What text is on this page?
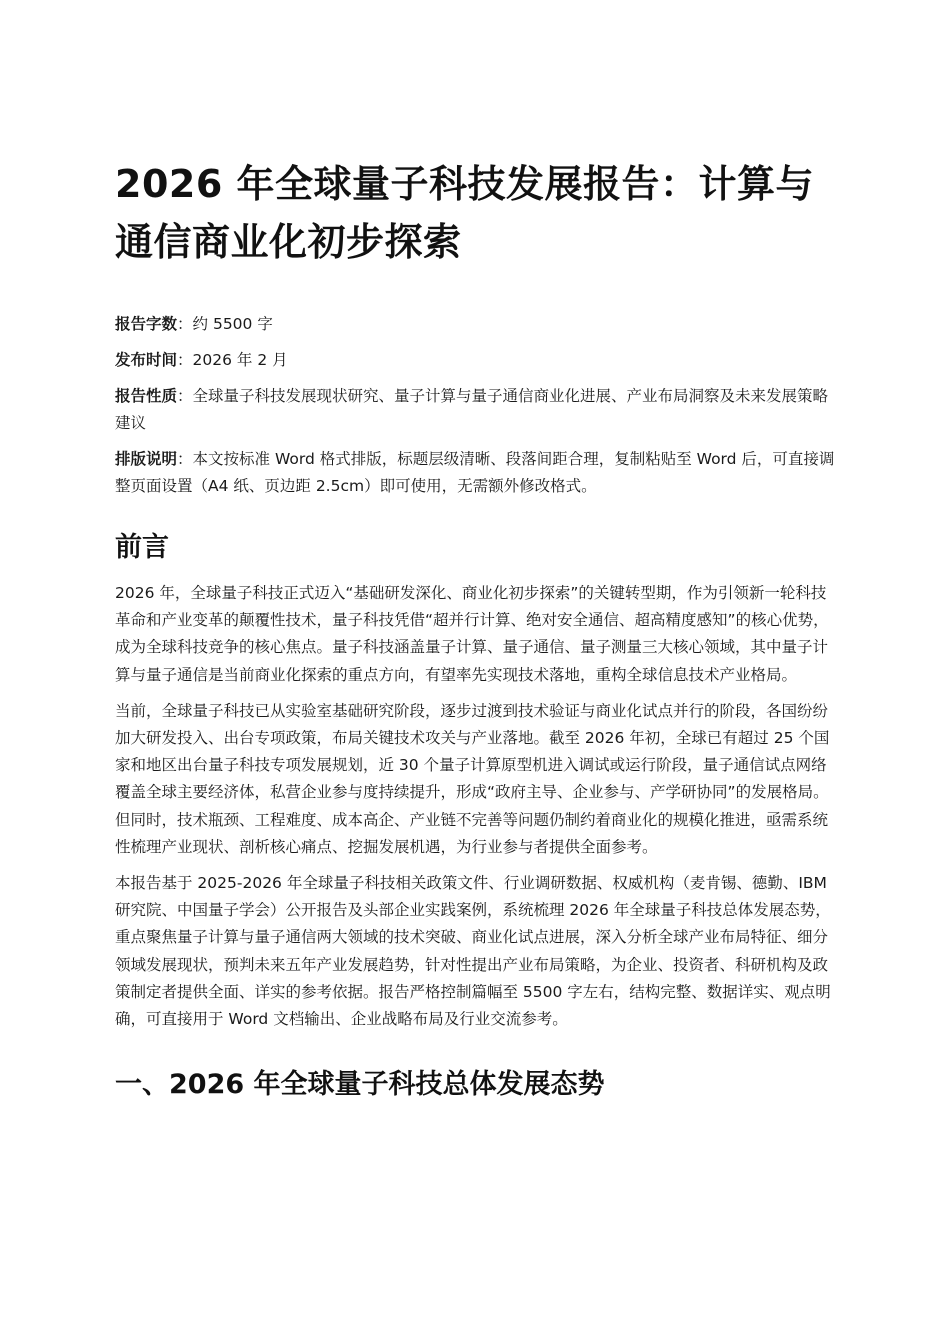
2026 年全球量子科技发展报告：计算与通信商业化初步探索
报告字数：约 5500 字
发布时间：2026 年 2 月
报告性质：全球量子科技发展现状研究、量子计算与量子通信商业化进展、产业布局洞察及未来发展策略建议
排版说明：本文按标准 Word 格式排版，标题层级清晰、段落间距合理，复制粘贴至 Word 后，可直接调整页面设置（A4 纸、页边距 2.5cm）即可使用，无需额外修改格式。
前言

2026 年，全球量子科技正式迈入“基础研发深化、商业化初步探索”的关键转型期，作为引领新一轮科技革命和产业变革的颠覆性技术，量子科技凭借“超并行计算、绝对安全通信、超高精度感知”的核心优势，成为全球科技竞争的核心焦点。量子科技涵盖量子计算、量子通信、量子测量三大核心领域，其中量子计算与量子通信是当前商业化探索的重点方向，有望率先实现技术落地，重构全球信息技术产业格局。

当前，全球量子科技已从实验室基础研究阶段，逐步过渡到技术验证与商业化试点并行的阶段，各国纷纷加大研发投入、出台专项政策，布局关键技术攻关与产业落地。截至 2026 年初，全球已有超过 25 个国家和地区出台量子科技专项发展规划，近 30 个量子计算原型机进入调试或运行阶段，量子通信试点网络覆盖全球主要经济体，私营企业参与度持续提升，形成“政府主导、企业参与、产学研协同”的发展格局。但同时，技术瓶颈、工程难度、成本高企、产业链不完善等问题仍制约着商业化的规模化推进，亟需系统性梳理产业现状、剖析核心痛点、挖掘发展机遇，为行业参与者提供全面参考。

本报告基于 2025-2026 年全球量子科技相关政策文件、行业调研数据、权威机构（麦肯锡、德勤、IBM 研究院、中国量子学会）公开报告及头部企业实践案例，系统梳理 2026 年全球量子科技总体发展态势，重点聚焦量子计算与量子通信两大领域的技术突破、商业化试点进展，深入分析全球产业布局特征、细分领域发展现状，预判未来五年产业发展趋势，针对性提出产业布局策略，为企业、投资者、科研机构及政策制定者提供全面、详实的参考依据。报告严格控制篇幅至 5500 字左右，结构完整、数据详实、观点明确，可直接用于 Word 文档输出、企业战略布局及行业交流参考。

一、2026 年全球量子科技总体发展态势
